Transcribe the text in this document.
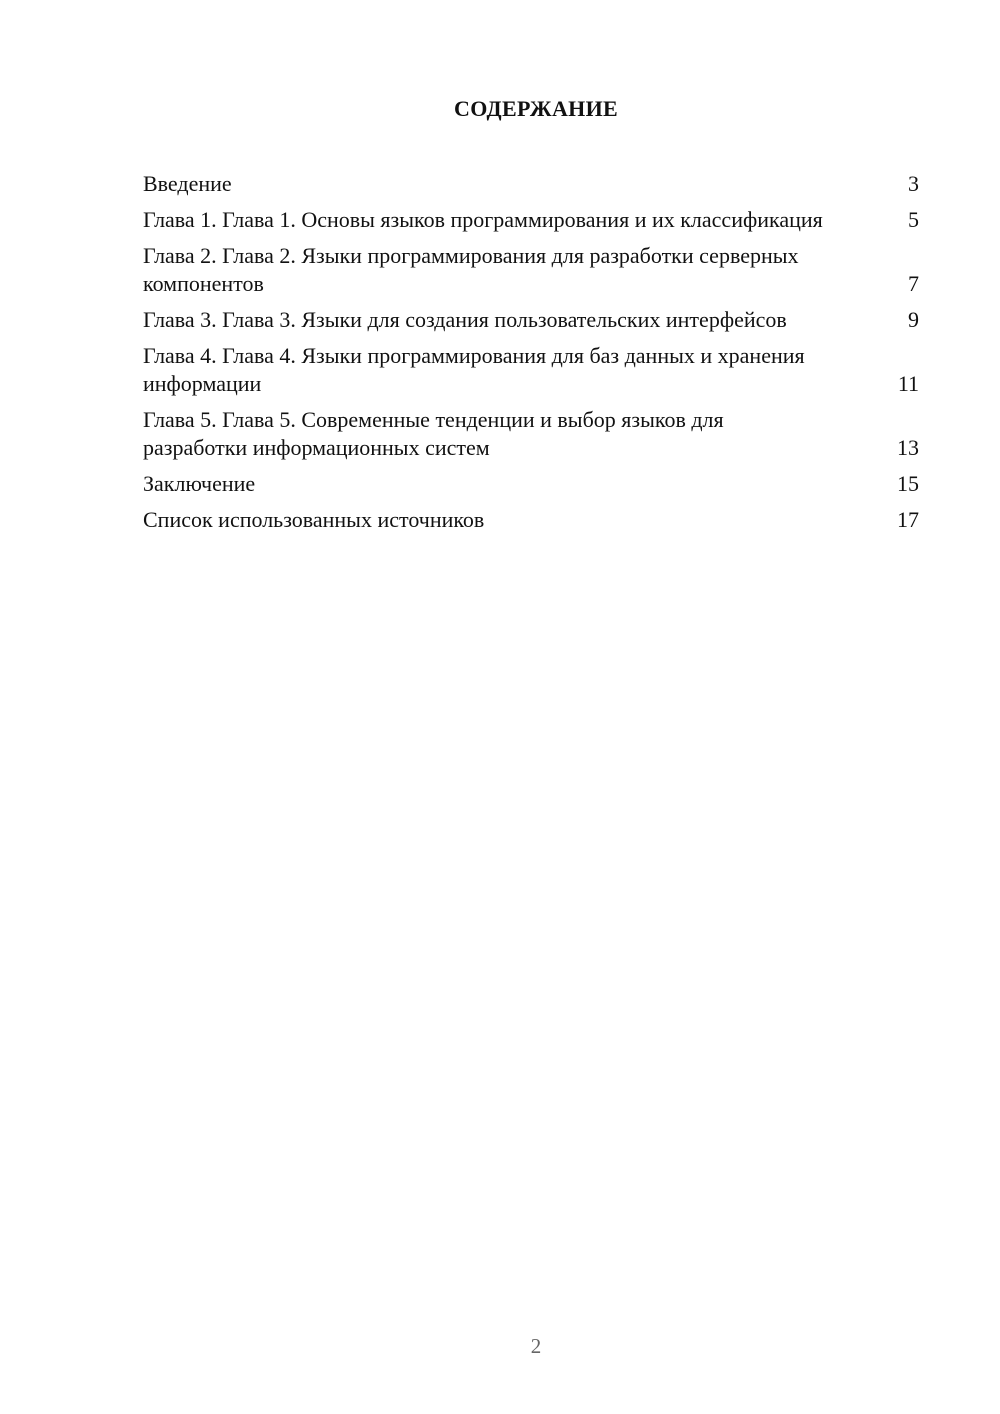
СОДЕРЖАНИЕ
Введение	3
Глава 1. Глава 1. Основы языков программирования и их классификация	5
Глава 2. Глава 2. Языки программирования для разработки серверных компонентов	7
Глава 3. Глава 3. Языки для создания пользовательских интерфейсов	9
Глава 4. Глава 4. Языки программирования для баз данных и хранения информации	11
Глава 5. Глава 5. Современные тенденции и выбор языков для разработки информационных систем	13
Заключение	15
Список использованных источников	17
2
